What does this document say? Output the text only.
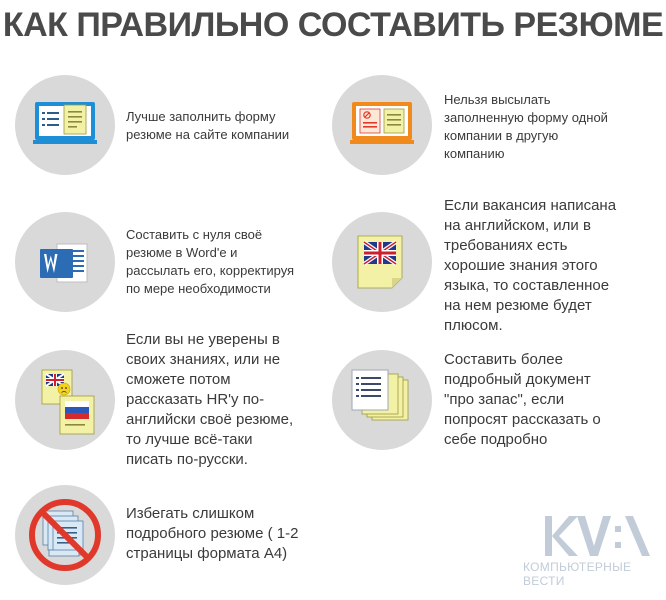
КАК ПРАВИЛЬНО СОСТАВИТЬ РЕЗЮМЕ
Лучше заполнить форму
резюме на сайте компании
Нельзя высылать
заполненную форму одной
компании в другую
компанию
Составить с нуля своё
резюме в Word'e и
рассылать его, корректируя
по мере необходимости
Если вакансия написана
на английском, или в
требованиях есть
хорошие знания этого
языка, то составленное
на нем резюме будет
плюсом.
Если вы не уверены в
своих знаниях, или не
сможете потом
рассказать HR'у по-
английски своё резюме,
то лучше всё-таки
писать по-русски.
Составить более
подробный документ
"про запас", если
попросят рассказать о
себе подробно
Избегать слишком
подробного резюме ( 1-2
страницы формата А4)
КОМПЬЮТЕРНЫЕ
ВЕСТИ
